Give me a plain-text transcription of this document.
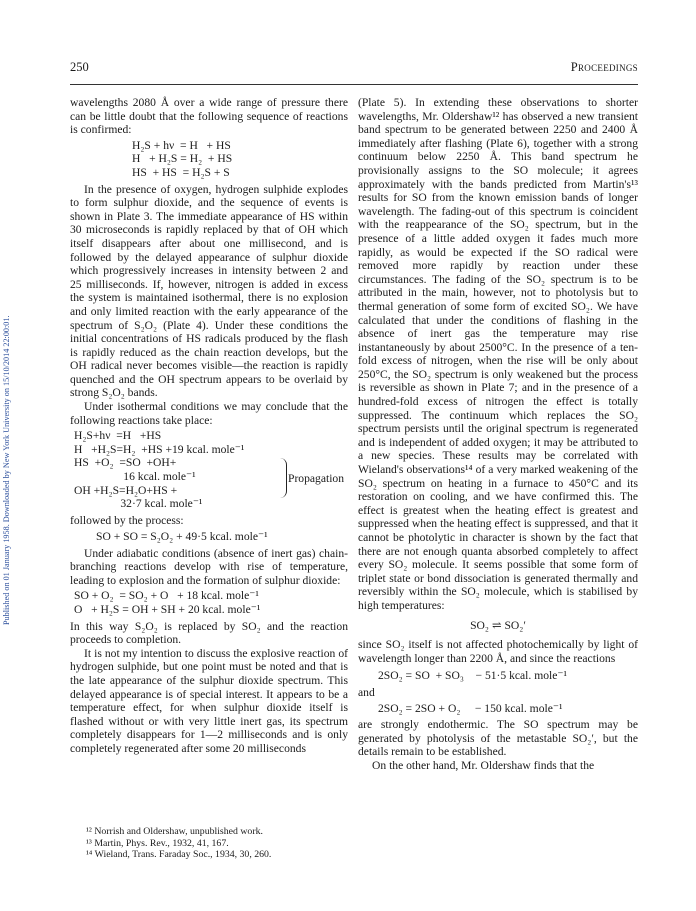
Published on 01 January 1958. Downloaded by New York University on 15/10/2014 22:00:01.
250	Proceedings

wavelengths 2080 Å over a wide range of pressure there can be little doubt that the following sequence of reactions is confirmed:

H₂S + hν  = H   + HS
H   + H₂S = H₂  + HS
HS  + HS  = H₂S + S

In the presence of oxygen, hydrogen sulphide explodes to form sulphur dioxide, and the sequence of events is shown in Plate 3. The immediate appearance of HS within 30 microseconds is rapidly replaced by that of OH which itself disappears after about one millisecond, and is followed by the delayed appearance of sulphur dioxide which progressively increases in intensity between 2 and 25 milliseconds. If, however, nitrogen is added in excess the system is maintained isothermal, there is no explosion and only limited reaction with the early appearance of the spectrum of S₂O₂ (Plate 4). Under these conditions the initial concentrations of HS radicals produced by the flash is rapidly reduced as the chain reaction develops, but the OH radical never becomes visible—the reaction is rapidly quenched and the OH spectrum appears to be overlaid by strong S₂O₂ bands.

Under isothermal conditions we may conclude that the following reactions take place:

H₂S+hν  =H   +HS
H   +H₂S=H₂  +HS +19 kcal. mole⁻¹
HS  +O₂  =SO  +OH+
16 kcal. mole⁻¹
OH +H₂S=H₂O+HS +
32·7 kcal. mole⁻¹
Propagation

followed by the process:

SO + SO = S₂O₂ + 49·5 kcal. mole⁻¹

Under adiabatic conditions (absence of inert gas) chain-branching reactions develop with rise of temperature, leading to explosion and the formation of sulphur dioxide:

SO + O₂  = SO₂ + O   + 18 kcal. mole⁻¹
O   + H₂S = OH + SH + 20 kcal. mole⁻¹

In this way S₂O₂ is replaced by SO₂ and the reaction proceeds to completion.

It is not my intention to discuss the explosive reaction of hydrogen sulphide, but one point must be noted and that is the late appearance of the sulphur dioxide spectrum. This delayed appearance is of special interest. It appears to be a temperature effect, for when sulphur dioxide itself is flashed without or with very little inert gas, its spectrum completely disappears for 1—2 milliseconds and is only completely regenerated after some 20 milliseconds

(Plate 5). In extending these observations to shorter wavelengths, Mr. Oldershaw¹² has observed a new transient band spectrum to be generated between 2250 and 2400 Å immediately after flashing (Plate 6), together with a strong continuum below 2250 Å. This band spectrum he provisionally assigns to the SO molecule; it agrees approximately with the bands predicted from Martin's¹³ results for SO from the known emission bands of longer wavelength. The fading-out of this spectrum is coincident with the reappearance of the SO₂ spectrum, but in the presence of a little added oxygen it fades much more rapidly, as would be expected if the SO radical were removed more rapidly by reaction under these circumstances. The fading of the SO₂ spectrum is to be attributed in the main, however, not to photolysis but to thermal generation of some form of excited SO₂. We have calculated that under the conditions of flashing in the absence of inert gas the temperature may rise instantaneously by about 2500°C. In the presence of a ten-fold excess of nitrogen, when the rise will be only about 250°C, the SO₂ spectrum is only weakened but the process is reversible as shown in Plate 7; and in the presence of a hundred-fold excess of nitrogen the effect is totally suppressed. The continuum which replaces the SO₂ spectrum persists until the original spectrum is regenerated and is independent of added oxygen; it may be attributed to a new species. These results may be correlated with Wieland's observations¹⁴ of a very marked weakening of the SO₂ spectrum on heating in a furnace to 450°C and its restoration on cooling, and we have confirmed this. The effect is greatest when the heating effect is greatest and suppressed when the heating effect is suppressed, and that it cannot be photolytic in character is shown by the fact that there are not enough quanta absorbed completely to affect every SO₂ molecule. It seems possible that some form of triplet state or bond dissociation is generated thermally and reversibly within the SO₂ molecule, which is stabilised by high temperatures:

SO₂ ⇌ SO₂′

since SO₂ itself is not affected photochemically by light of wavelength longer than 2200 Å, and since the reactions

2SO₂ = SO  + SO₃    − 51·5 kcal. mole⁻¹

and

2SO₂ = 2SO + O₂     − 150 kcal. mole⁻¹

are strongly endothermic. The SO spectrum may be generated by photolysis of the metastable SO₂′, but the details remain to be established.

On the other hand, Mr. Oldershaw finds that the

¹² Norrish and Oldershaw, unpublished work.
¹³ Martin, Phys. Rev., 1932, 41, 167.
¹⁴ Wieland, Trans. Faraday Soc., 1934, 30, 260.
